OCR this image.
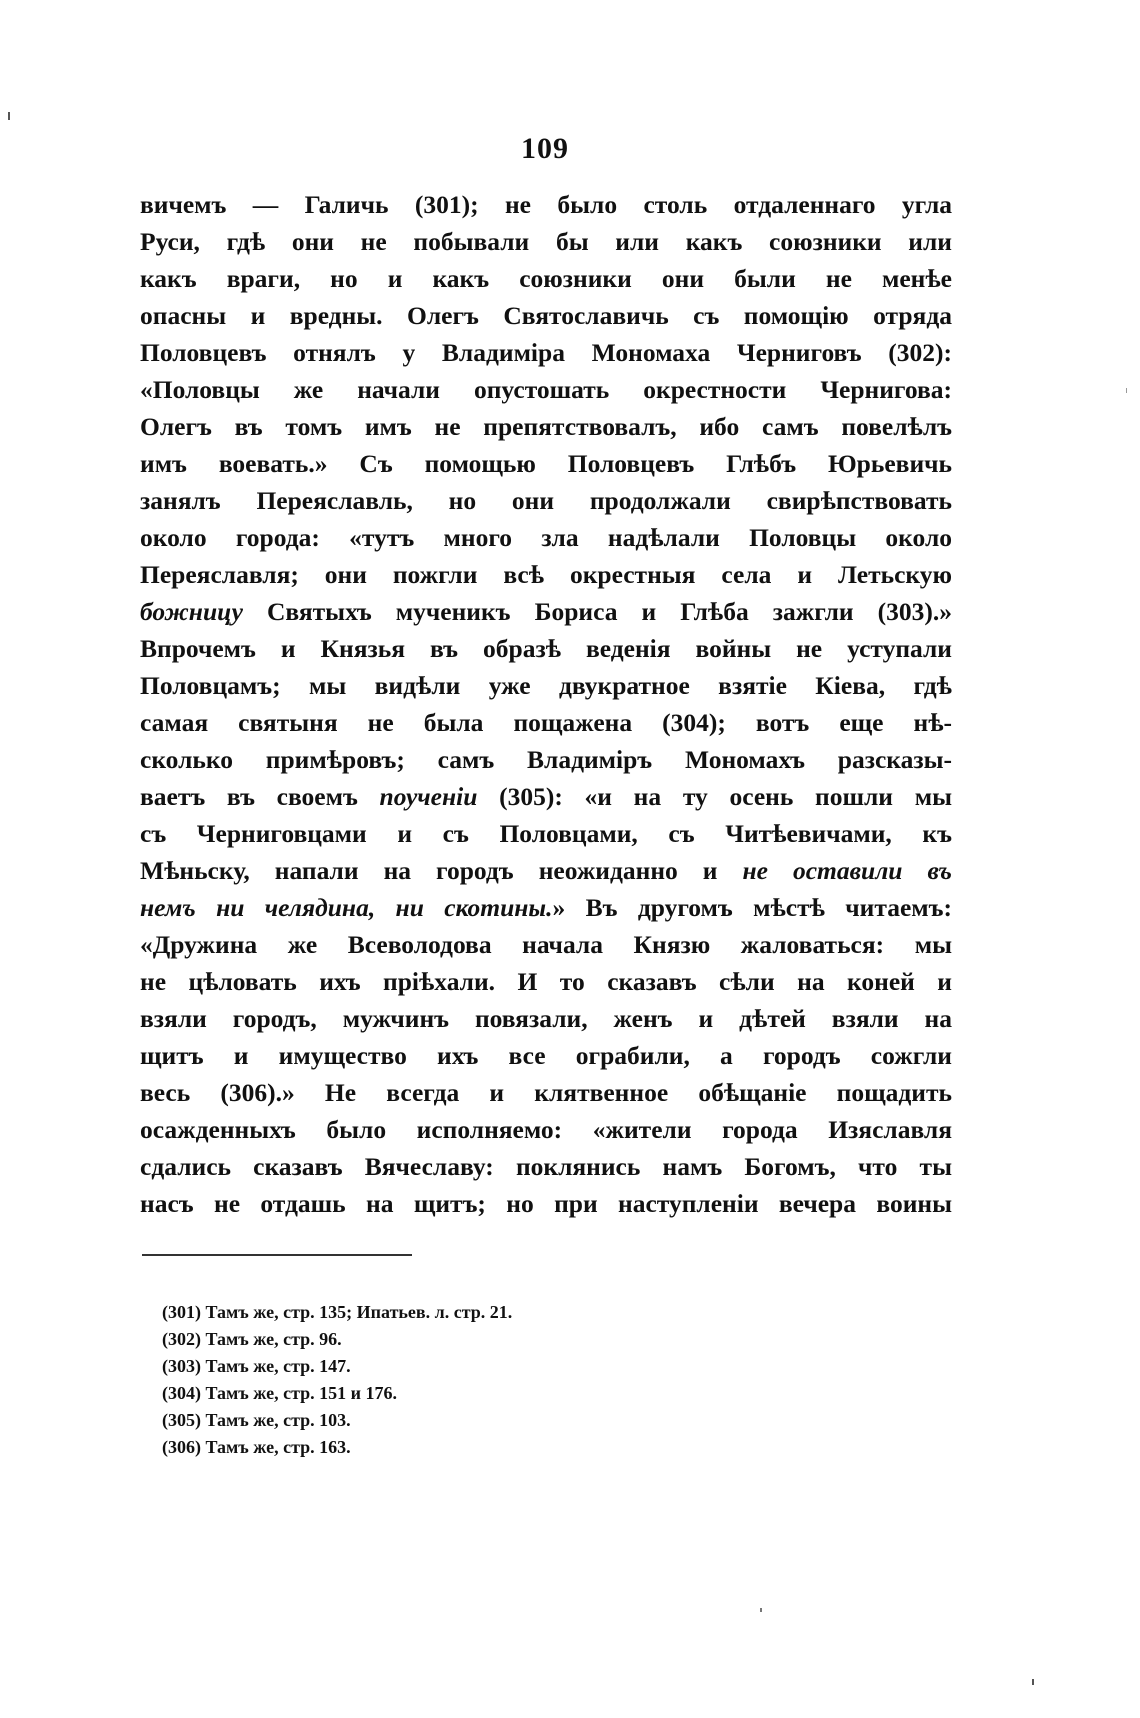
109
вичемъ — Галичь (301); не было столь отдаленнаго угла
Руси, гдѣ они не побывали бы или какъ союзники или
какъ враги, но и какъ союзники они были не менѣе
опасны и вредны. Олегъ Святославичь съ помощію отряда
Половцевъ отнялъ у Владиміра Мономаха Черниговъ (302):
«Половцы же начали опустошать окрестности Чернигова:
Олегъ въ томъ имъ не препятствовалъ, ибо самъ повелѣлъ
имъ воевать.» Съ помощью Половцевъ Глѣбъ Юрьевичь
занялъ Переяславль, но они продолжали свирѣпствовать
около города: «тутъ много зла надѣлали Половцы около
Переяславля; они пожгли всѣ окрестныя села и Летьскую
божницу Святыхъ мученикъ Бориса и Глѣба зажгли (303).»
Впрочемъ и Князья въ образѣ веденія войны не уступали
Половцамъ; мы видѣли уже двукратное взятіе Кіева, гдѣ
самая святыня не была пощажена (304); вотъ еще нѣ-
сколько примѣровъ; самъ Владиміръ Мономахъ разсказы-
ваетъ въ своемъ поученіи (305): «и на ту осень пошли мы
съ Черниговцами и съ Половцами, съ Читѣевичами, къ
Мѣньску, напали на городъ неожиданно и не оставили въ
немъ ни челядина, ни скотины.» Въ другомъ мѣстѣ читаемъ:
«Дружина же Всеволодова начала Князю жаловаться: мы
не цѣловать ихъ пріѣхали. И то сказавъ сѣли на коней и
взяли городъ, мужчинъ повязали, женъ и дѣтей взяли на
щитъ и имущество ихъ все ограбили, а городъ сожгли
весь (306).» Не всегда и клятвенное обѣщаніе пощадить
осажденныхъ было исполняемо: «жители города Изяславля
сдались сказавъ Вячеславу: поклянись намъ Богомъ, что ты
насъ не отдашь на щитъ; но при наступленіи вечера воины
(301) Тамъ же, стр. 135; Ипатьев. л. стр. 21.
(302) Тамъ же, стр. 96.
(303) Тамъ же, стр. 147.
(304) Тамъ же, стр. 151 и 176.
(305) Тамъ же, стр. 103.
(306) Тамъ же, стр. 163.
